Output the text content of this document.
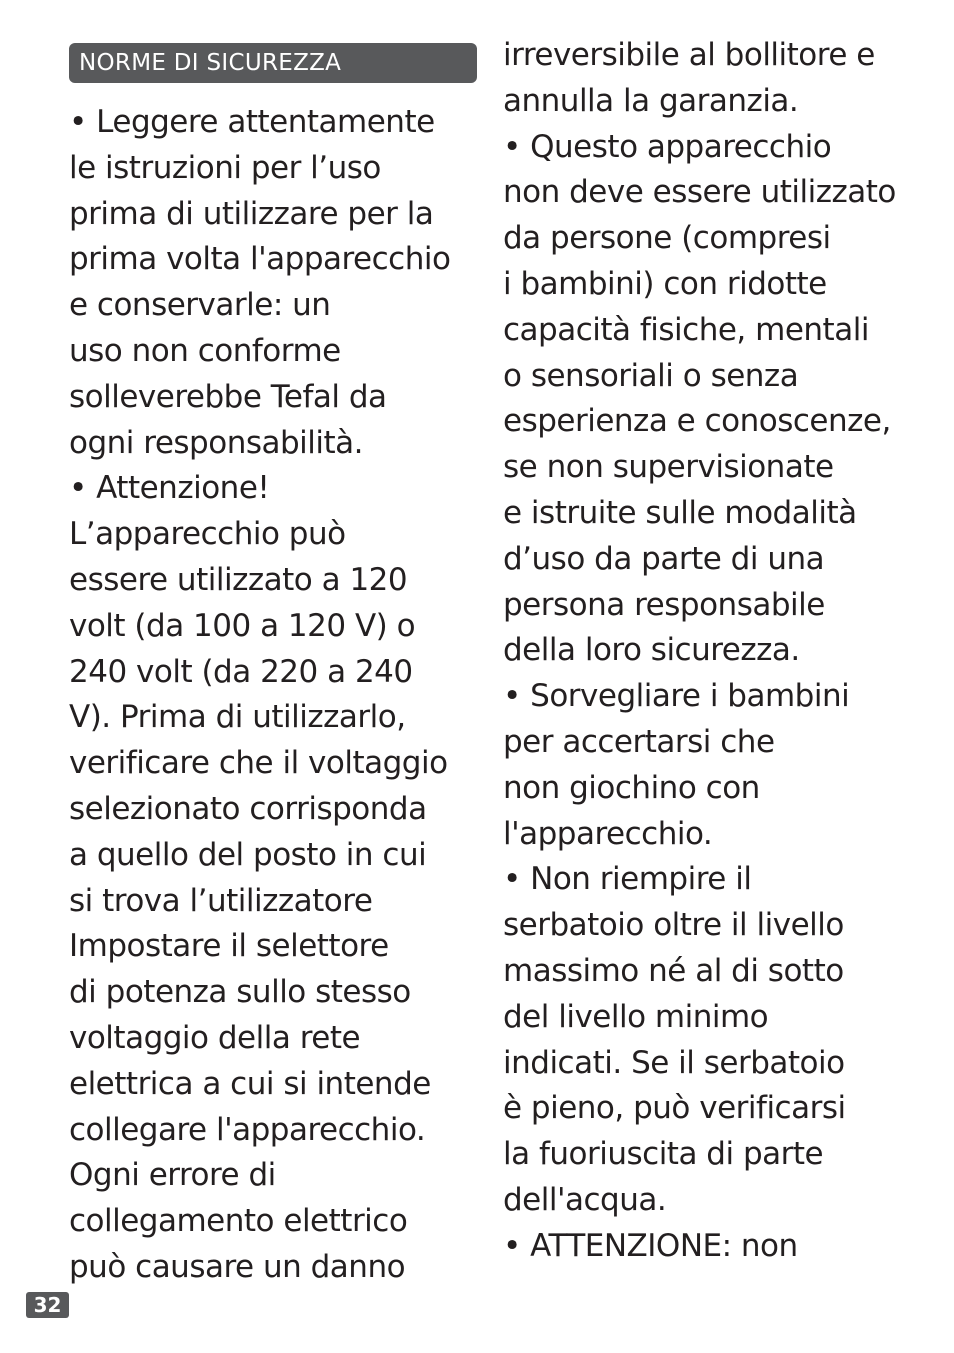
NORME DI SICUREZZA
• Leggere attentamente
le istruzioni per l’uso
prima di utilizzare per la
prima volta l'apparecchio
e conservarle: un
uso non conforme
solleverebbe Tefal da
ogni responsabilità.
• Attenzione!
L’apparecchio può
essere utilizzato a 120
volt (da 100 a 120 V) o
240 volt (da 220 a 240
V). Prima di utilizzarlo,
verificare che il voltaggio
selezionato corrisponda
a quello del posto in cui
si trova l’utilizzatore
Impostare il selettore
di potenza sullo stesso
voltaggio della rete
elettrica a cui si intende
collegare l'apparecchio.
Ogni errore di
collegamento elettrico
può causare un danno
irreversibile al bollitore e
annulla la garanzia.
• Questo apparecchio
non deve essere utilizzato
da persone (compresi
i bambini) con ridotte
capacità fisiche, mentali
o sensoriali o senza
esperienza e conoscenze,
se non supervisionate
e istruite sulle modalità
d’uso da parte di una
persona responsabile
della loro sicurezza.
• Sorvegliare i bambini
per accertarsi che
non giochino con
l'apparecchio.
• Non riempire il
serbatoio oltre il livello
massimo né al di sotto
del livello minimo
indicati. Se il serbatoio
è pieno, può verificarsi
la fuoriuscita di parte
dell'acqua.
• ATTENZIONE: non
32
